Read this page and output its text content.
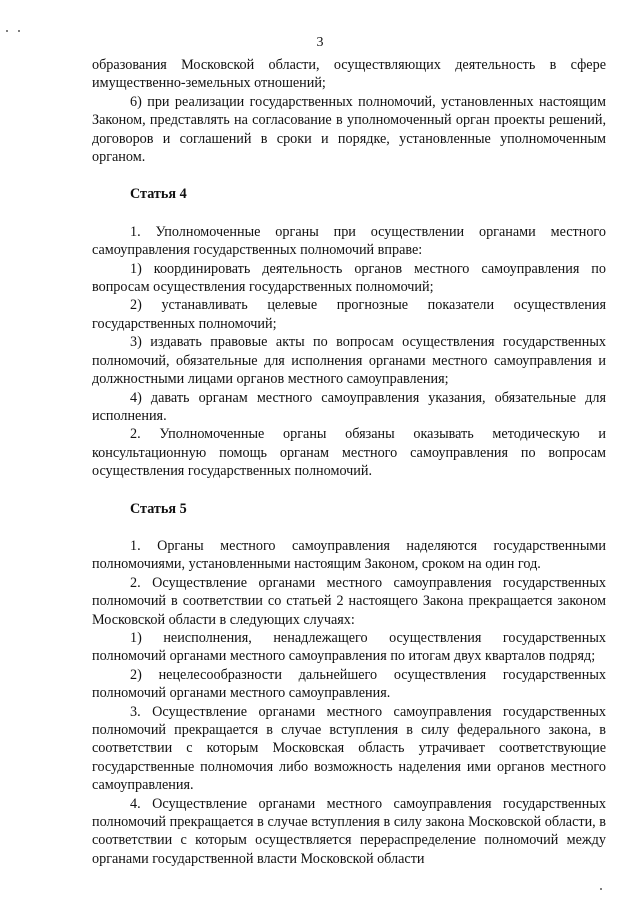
3

образования Московской области, осуществляющих деятельность в сфере имущественно-земельных отношений;

6) при реализации государственных полномочий, установленных настоящим Законом, представлять на согласование в уполномоченный орган проекты решений, договоров и соглашений в сроки и порядке, установленные уполномоченным органом.

Статья 4

1. Уполномоченные органы при осуществлении органами местного самоуправления государственных полномочий вправе:

1) координировать деятельность органов местного самоуправления по вопросам осуществления государственных полномочий;

2) устанавливать целевые прогнозные показатели осуществления государственных полномочий;

3) издавать правовые акты по вопросам осуществления государственных полномочий, обязательные для исполнения органами местного самоуправления и должностными лицами органов местного самоуправления;

4) давать органам местного самоуправления указания, обязательные для исполнения.

2. Уполномоченные органы обязаны оказывать методическую и консультационную помощь органам местного самоуправления по вопросам осуществления государственных полномочий.

Статья 5

1. Органы местного самоуправления наделяются государственными полномочиями, установленными настоящим Законом, сроком на один год.

2. Осуществление органами местного самоуправления государственных полномочий в соответствии со статьей 2 настоящего Закона прекращается законом Московской области в следующих случаях:

1) неисполнения, ненадлежащего осуществления государственных полномочий органами местного самоуправления по итогам двух кварталов подряд;

2) нецелесообразности дальнейшего осуществления государственных полномочий органами местного самоуправления.

3. Осуществление органами местного самоуправления государственных полномочий прекращается в случае вступления в силу федерального закона, в соответствии с которым Московская область утрачивает соответствующие государственные полномочия либо возможность наделения ими органов местного самоуправления.

4. Осуществление органами местного самоуправления государственных полномочий прекращается в случае вступления в силу закона Московской области, в соответствии с которым осуществляется перераспределение полномочий между органами государственной власти Московской области
